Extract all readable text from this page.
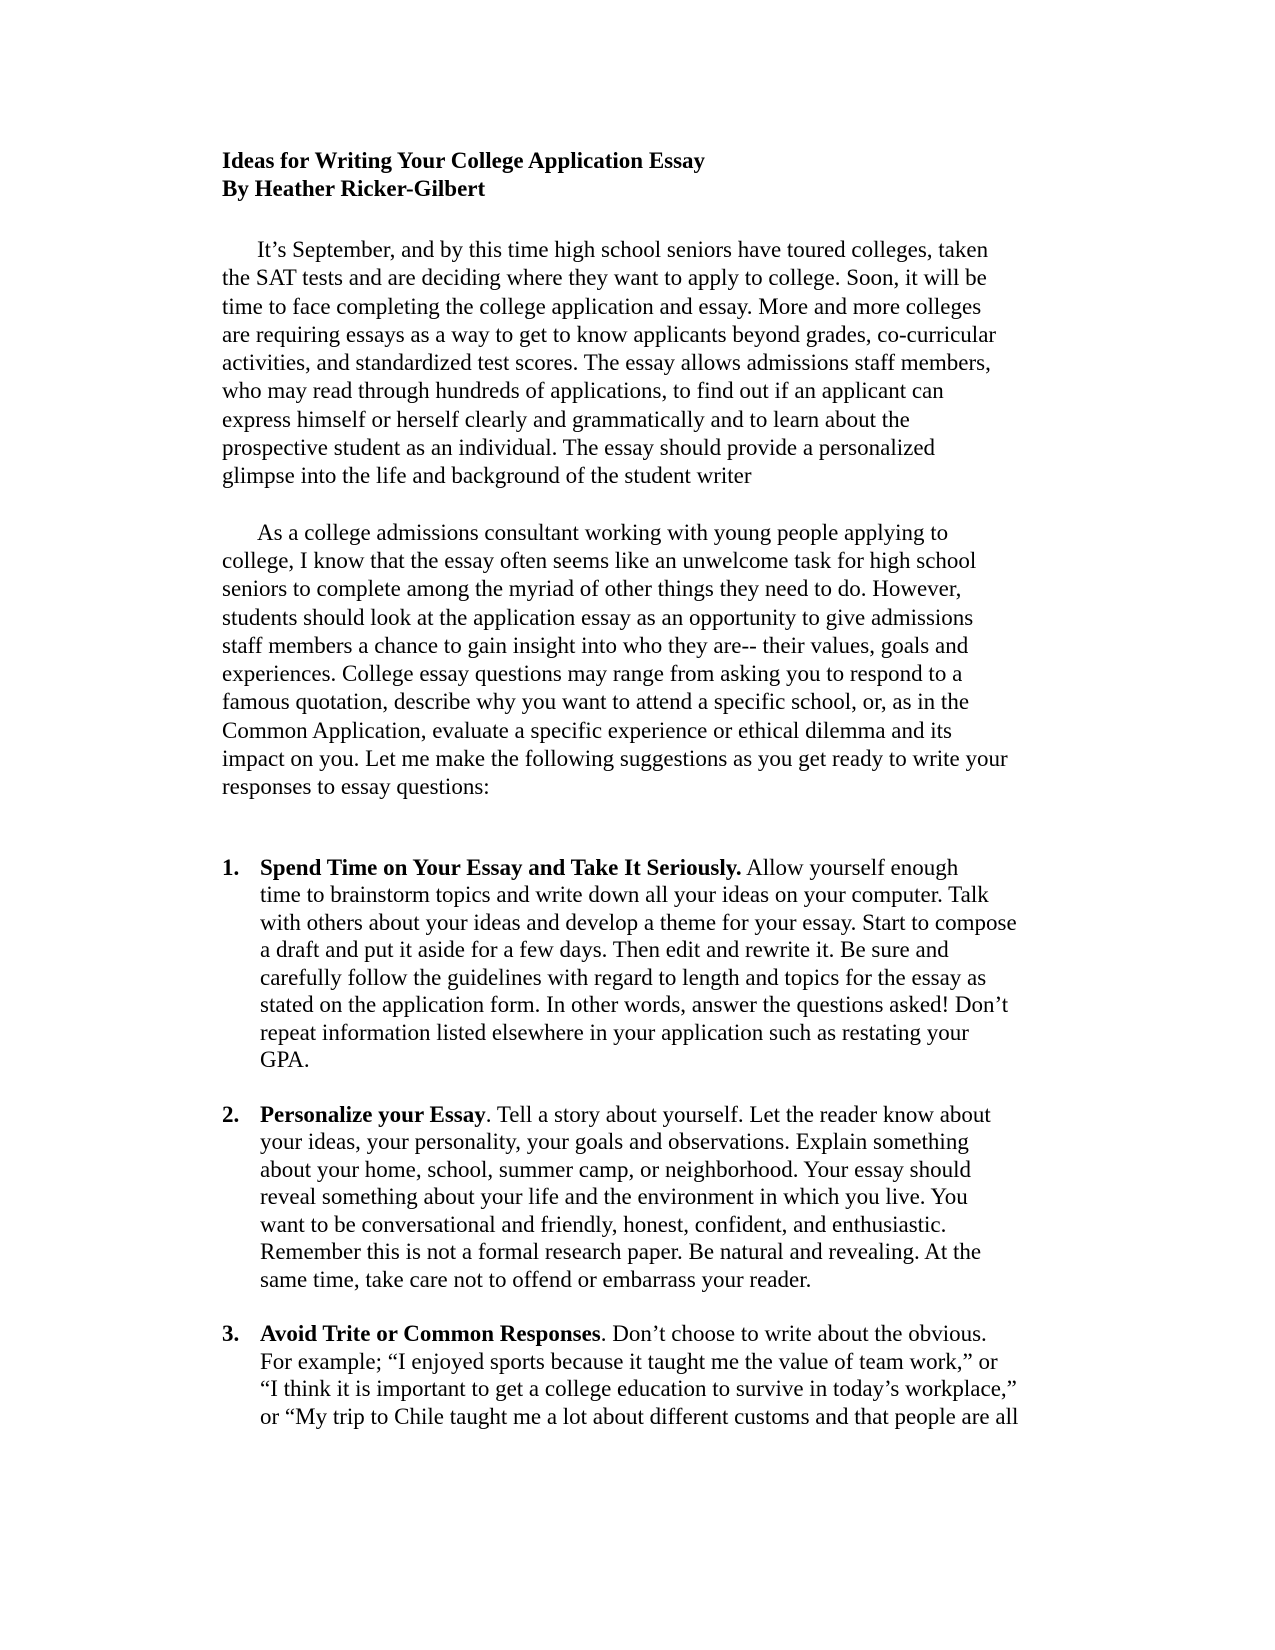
Ideas for Writing Your College Application Essay
By Heather Ricker-Gilbert

It’s September, and by this time high school seniors have toured colleges, taken
the SAT tests and are deciding where they want to apply to college. Soon, it will be
time to face completing the college application and essay. More and more colleges
are requiring essays as a way to get to know applicants beyond grades, co-curricular
activities, and standardized test scores. The essay allows admissions staff members,
who may read through hundreds of applications, to find out if an applicant can
express himself or herself clearly and grammatically and to learn about the
prospective student as an individual. The essay should provide a personalized
glimpse into the life and background of the student writer

As a college admissions consultant working with young people applying to
college, I know that the essay often seems like an unwelcome task for high school
seniors to complete among the myriad of other things they need to do. However,
students should look at the application essay as an opportunity to give admissions
staff members a chance to gain insight into who they are-- their values, goals and
experiences. College essay questions may range from asking you to respond to a
famous quotation, describe why you want to attend a specific school, or, as in the
Common Application, evaluate a specific experience or ethical dilemma and its
impact on you. Let me make the following suggestions as you get ready to write your
responses to essay questions:

1. Spend Time on Your Essay and Take It Seriously. Allow yourself enough
time to brainstorm topics and write down all your ideas on your computer. Talk
with others about your ideas and develop a theme for your essay. Start to compose
a draft and put it aside for a few days. Then edit and rewrite it. Be sure and
carefully follow the guidelines with regard to length and topics for the essay as
stated on the application form. In other words, answer the questions asked! Don’t
repeat information listed elsewhere in your application such as restating your
GPA.
2. Personalize your Essay. Tell a story about yourself. Let the reader know about
your ideas, your personality, your goals and observations. Explain something
about your home, school, summer camp, or neighborhood. Your essay should
reveal something about your life and the environment in which you live. You
want to be conversational and friendly, honest, confident, and enthusiastic.
Remember this is not a formal research paper. Be natural and revealing. At the
same time, take care not to offend or embarrass your reader.
3. Avoid Trite or Common Responses. Don’t choose to write about the obvious.
For example; “I enjoyed sports because it taught me the value of team work,” or
“I think it is important to get a college education to survive in today’s workplace,”
or “My trip to Chile taught me a lot about different customs and that people are all
